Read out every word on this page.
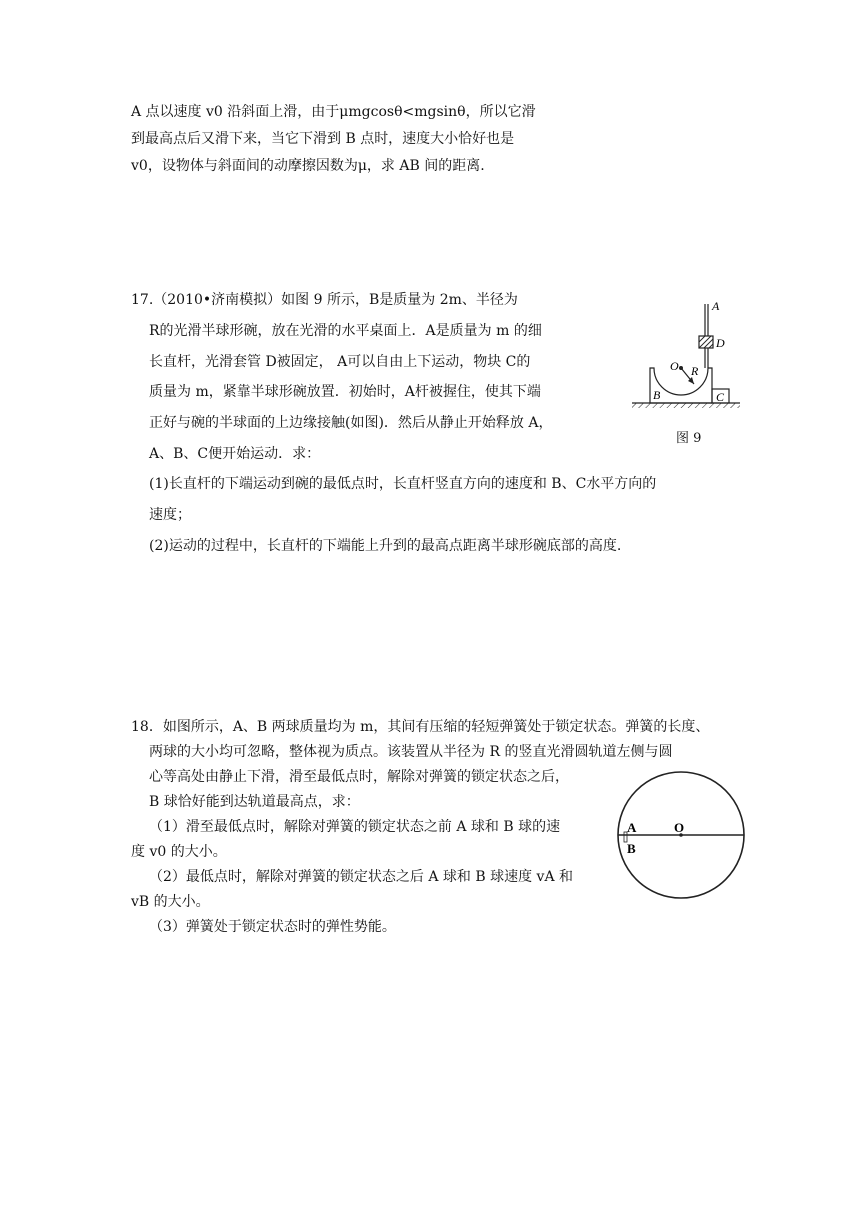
A 点以速度 v0 沿斜面上滑，由于μmgcosθ<mgsinθ，所以它滑
到最高点后又滑下来，当它下滑到 B 点时，速度大小恰好也是
v0，设物体与斜面间的动摩擦因数为μ，求 AB 间的距离.
17.（2010•济南模拟）如图 9 所示，B是质量为 2m、半径为
R的光滑半球形碗，放在光滑的水平桌面上．A是质量为 m 的细
长直杆，光滑套管 D被固定， A可以自由上下运动，物块 C的
质量为 m，紧靠半球形碗放置．初始时，A杆被握住，使其下端
正好与碗的半球面的上边缘接触(如图)．然后从静止开始释放 A，
A、B、C便开始运动．求：
(1)长直杆的下端运动到碗的最低点时，长直杆竖直方向的速度和 B、C水平方向的
速度；
(2)运动的过程中，长直杆的下端能上升到的最高点距离半球形碗底部的高度.
A
D
O R
B	C
图 9
18．如图所示，A、B 两球质量均为 m，其间有压缩的轻短弹簧处于锁定状态。弹簧的长度、
两球的大小均可忽略，整体视为质点。该装置从半径为 R 的竖直光滑圆轨道左侧与圆
心等高处由静止下滑，滑至最低点时，解除对弹簧的锁定状态之后，
B 球恰好能到达轨道最高点，求：
（1）滑至最低点时，解除对弹簧的锁定状态之前 A 球和 B 球的速
度 v0 的大小。
（2）最低点时，解除对弹簧的锁定状态之后 A 球和 B 球速度 vA 和
vB 的大小。
（3）弹簧处于锁定状态时的弹性势能。
A
B
O
